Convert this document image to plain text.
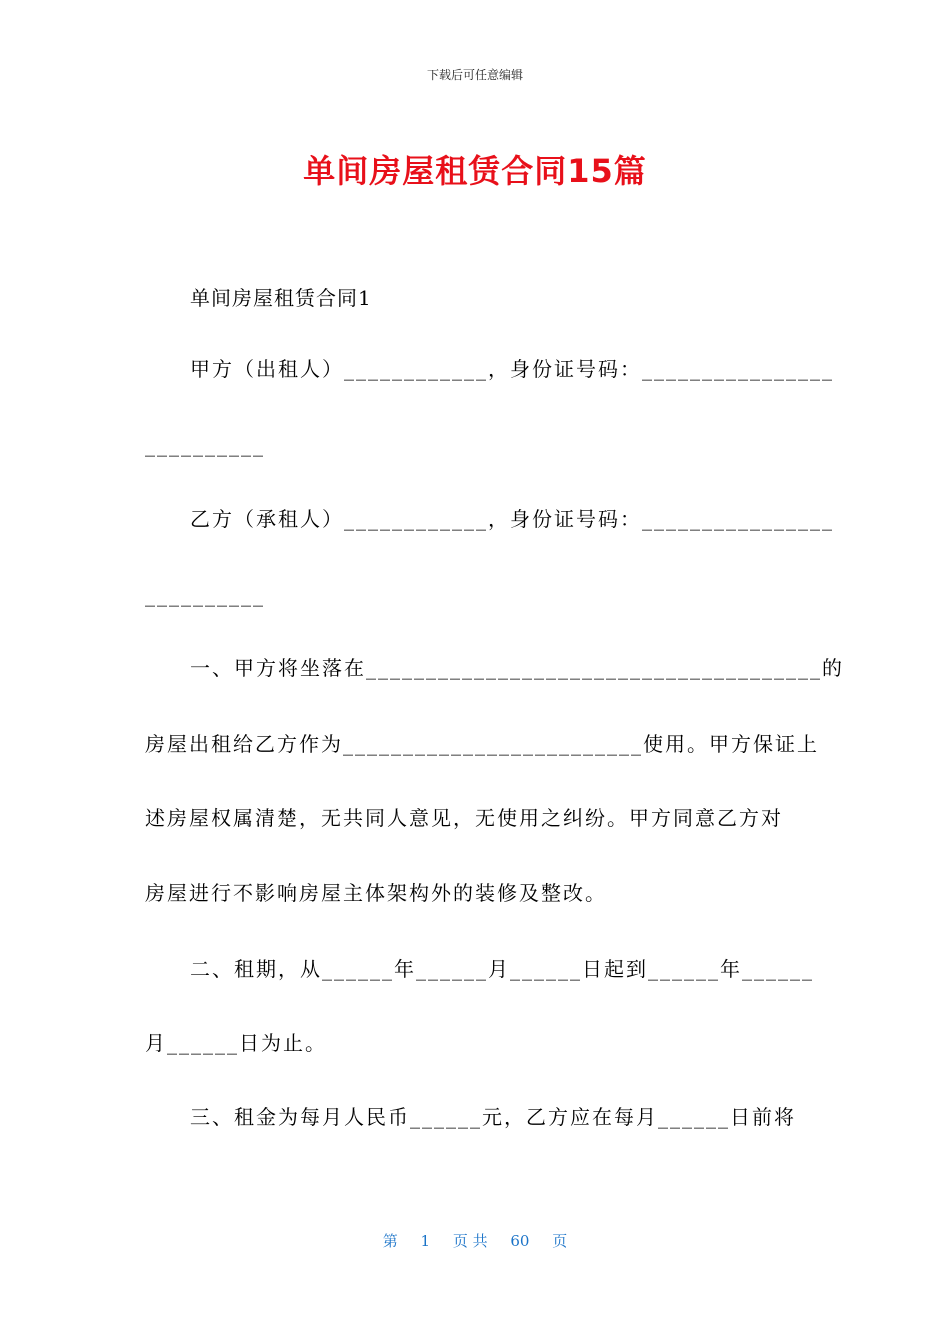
下载后可任意编辑

单间房屋租赁合同15篇

单间房屋租赁合同1

甲方（出租人）____________，身份证号码：________________

__________

乙方（承租人）____________，身份证号码：________________

__________

一、甲方将坐落在______________________________________的

房屋出租给乙方作为_________________________使用。甲方保证上

述房屋权属清楚，无共同人意见，无使用之纠纷。甲方同意乙方对

房屋进行不影响房屋主体架构外的装修及整改。

二、租期，从______年______月______日起到______年______

月______日为止。

三、租金为每月人民币______元，乙方应在每月______日前将

第 1 页 共 60 页
